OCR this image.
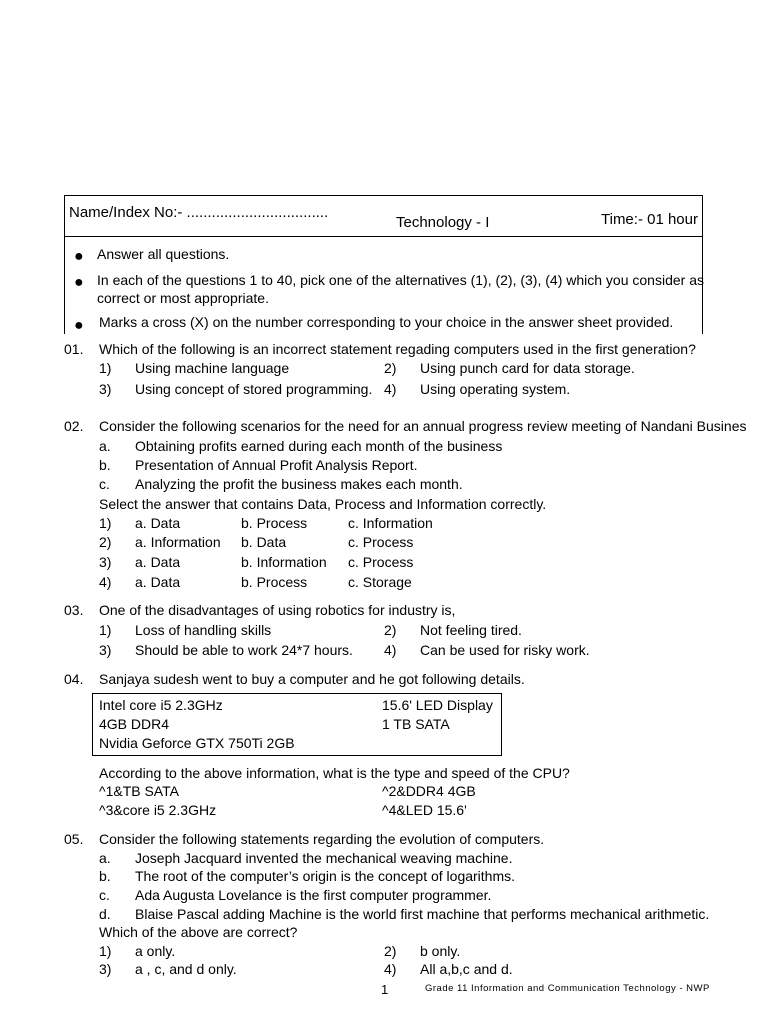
Name/Index No:- ..................................
Technology - I	Time:- 01 hour
● Answer all questions.
● In each of the questions 1 to 40, pick one of the alternatives (1), (2), (3), (4) which you consider as
correct or most appropriate.
● Marks a cross (X) on the number corresponding to your choice in the answer sheet provided.
01. Which of the following is an incorrect statement regading computers used in the first generation?
1) Using machine language	2) Using punch card for data storage.
3) Using concept of stored programming. 4) Using operating system.
02. Consider the following scenarios for the need for an annual progress review meeting of Nandani Busines
a. Obtaining profits earned during each month of the business
b. Presentation of Annual Profit Analysis Report.
c. Analyzing the profit the business makes each month.
Select the answer that contains Data, Process and Information correctly.
1) a. Data	b. Process	c. Information
2) a. Information b. Data	c. Process
3) a. Data	b. Information c. Process
4) a. Data	b. Process	c. Storage
03. One of the disadvantages of using robotics for industry is,
1) Loss of handling skills	2) Not feeling tired.
3) Should be able to work 24*7 hours. 4) Can be used for risky work.
04. Sanjaya sudesh went to buy a computer and he got following details.
Intel core i5 2.3GHz	15.6' LED Display
4GB DDR4	1 TB SATA
Nvidia Geforce GTX 750Ti 2GB
According to the above information, what is the type and speed of the CPU?
^1&TB SATA	^2&DDR4 4GB
^3&core i5 2.3GHz	^4&LED 15.6'
05. Consider the following statements regarding the evolution of computers.
a. Joseph Jacquard invented the mechanical weaving machine.
b. The root of the computer’s origin is the concept of logarithms.
c. Ada Augusta Lovelance is the first computer programmer.
d. Blaise Pascal adding Machine is the world first machine that performs mechanical arithmetic.
Which of the above are correct?
1) a only.	2) b only.
3) a , c, and d only.	4) All a,b,c and d.
1	Grade 11 Information and Communication Technology - NWP
